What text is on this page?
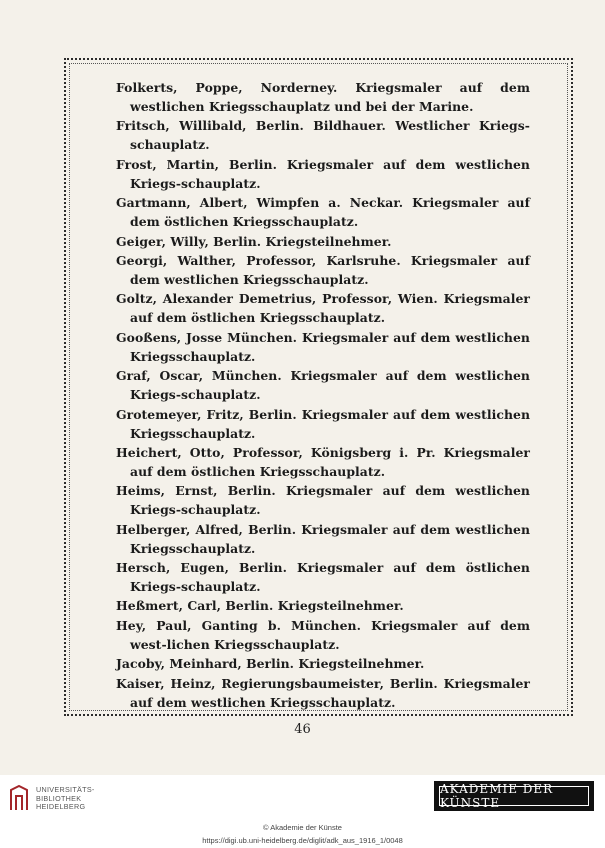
Folkerts, Poppe, Norderney. Kriegsmaler auf dem westlichen Kriegsschauplatz und bei der Marine.
Fritsch, Willibald, Berlin. Bildhauer. Westlicher Kriegs-schauplatz.
Frost, Martin, Berlin. Kriegsmaler auf dem westlichen Kriegs-schauplatz.
Gartmann, Albert, Wimpfen a. Neckar. Kriegsmaler auf dem östlichen Kriegsschauplatz.
Geiger, Willy, Berlin. Kriegsteilnehmer.
Georgi, Walther, Professor, Karlsruhe. Kriegsmaler auf dem westlichen Kriegsschauplatz.
Goltz, Alexander Demetrius, Professor, Wien. Kriegsmaler auf dem östlichen Kriegsschauplatz.
Gooßens, Josse München. Kriegsmaler auf dem westlichen Kriegsschauplatz.
Graf, Oscar, München. Kriegsmaler auf dem westlichen Kriegs-schauplatz.
Grotemeyer, Fritz, Berlin. Kriegsmaler auf dem westlichen Kriegsschauplatz.
Heichert, Otto, Professor, Königsberg i. Pr. Kriegsmaler auf dem östlichen Kriegsschauplatz.
Heims, Ernst, Berlin. Kriegsmaler auf dem westlichen Kriegs-schauplatz.
Helberger, Alfred, Berlin. Kriegsmaler auf dem westlichen Kriegsschauplatz.
Hersch, Eugen, Berlin. Kriegsmaler auf dem östlichen Kriegs-schauplatz.
Heßmert, Carl, Berlin. Kriegsteilnehmer.
Hey, Paul, Ganting b. München. Kriegsmaler auf dem west-lichen Kriegsschauplatz.
Jacoby, Meinhard, Berlin. Kriegsteilnehmer.
Kaiser, Heinz, Regierungsbaumeister, Berlin. Kriegsmaler auf dem westlichen Kriegsschauplatz.
46
UNIVERSITÄTS-
BIBLIOTHEK
HEIDELBERG
AKADEMIE DER KÜNSTE
© Akademie der Künste
https://digi.ub.uni-heidelberg.de/diglit/adk_aus_1916_1/0048
